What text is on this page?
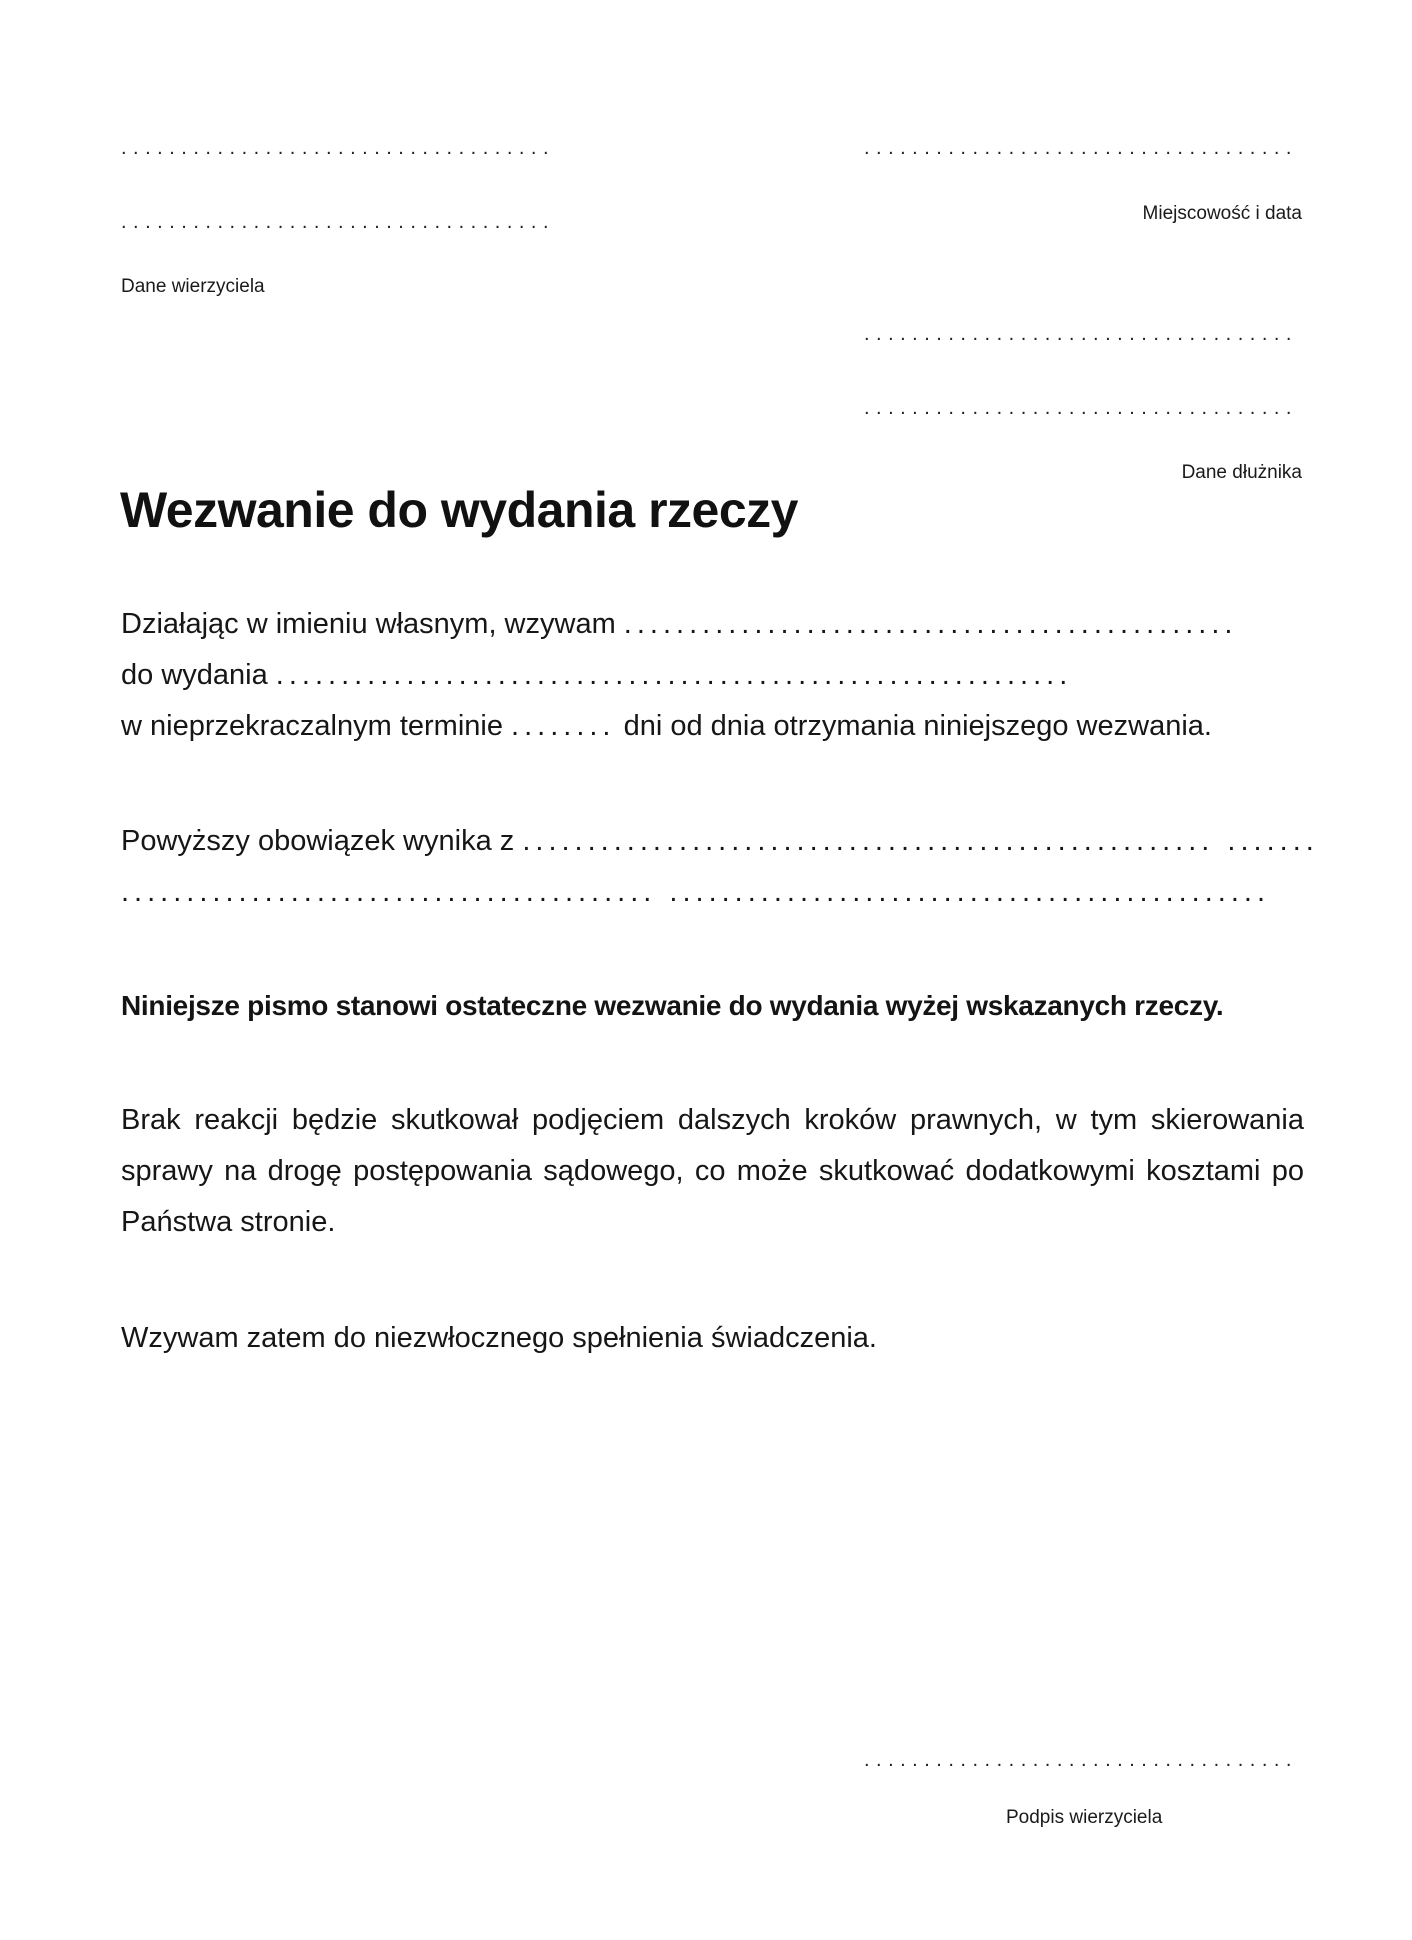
....................................
....................................
Dane wierzyciela
....................................
Miejscowość i data
....................................
....................................
Dane dłużnika
Wezwanie do wydania rzeczy
Działając w imieniu własnym, wzywam ...............................................
do wydania .............................................................
w nieprzekraczalnym terminie ........ dni od dnia otrzymania niniejszego wezwania.
Powyższy obowiązek wynika z ..................................................... .......
......................................... ..............................................
Niniejsze pismo stanowi ostateczne wezwanie do wydania wyżej wskazanych rzeczy.
Brak reakcji będzie skutkował podjęciem dalszych kroków prawnych, w tym skierowania sprawy na drogę postępowania sądowego, co może skutkować dodatkowymi kosztami po Państwa stronie.
Wzywam zatem do niezwłocznego spełnienia świadczenia.
....................................
Podpis wierzyciela
